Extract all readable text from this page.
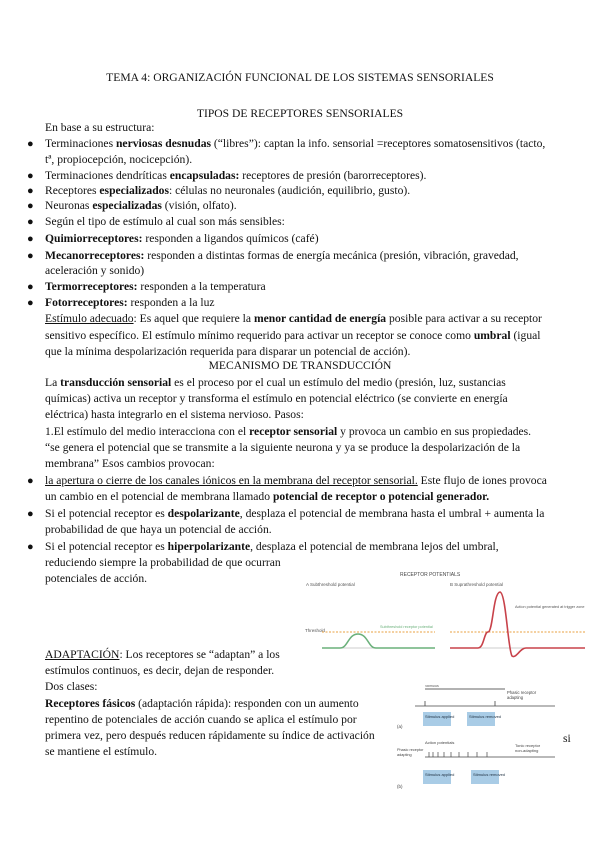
TEMA 4: ORGANIZACIÓN FUNCIONAL DE LOS SISTEMAS SENSORIALES
TIPOS DE RECEPTORES SENSORIALES
En base a su estructura:
● Terminaciones nerviosas desnudas (“libres”): captan la info. sensorial =receptores somatosensitivos (tacto,
tª, propiocepción, nocicepción).
● Terminaciones dendríticas encapsuladas: receptores de presión (barorreceptores).
● Receptores especializados: células no neuronales (audición, equilibrio, gusto).
● Neuronas especializadas (visión, olfato).
● Según el tipo de estímulo al cual son más sensibles:
● Quimiorreceptores: responden a ligandos químicos (café)
● Mecanorreceptores: responden a distintas formas de energía mecánica (presión, vibración, gravedad,
aceleración y sonido)
● Termorreceptores: responden a la temperatura
● Fotorreceptores: responden a la luz
Estímulo adecuado: Es aquel que requiere la menor cantidad de energía posible para activar a su receptor
sensitivo específico. El estímulo mínimo requerido para activar un receptor se conoce como umbral (igual
que la mínima despolarización requerida para disparar un potencial de acción).
MECANISMO DE TRANSDUCCIÓN
La transducción sensorial es el proceso por el cual un estímulo del medio (presión, luz, sustancias
químicas) activa un receptor y transforma el estímulo en potencial eléctrico (se convierte en energía
eléctrica) hasta integrarlo en el sistema nervioso. Pasos:
1.El estímulo del medio interacciona con el receptor sensorial y provoca un cambio en sus propiedades.
“se genera el potencial que se transmite a la siguiente neurona y ya se produce la despolarización de la
membrana” Esos cambios provocan:
● la apertura o cierre de los canales iónicos en la membrana del receptor sensorial. Este flujo de iones provoca
un cambio en el potencial de membrana llamado potencial de receptor o potencial generador.
● Si el potencial receptor es despolarizante, desplaza el potencial de membrana hasta el umbral + aumenta la
probabilidad de que haya un potencial de acción.
● Si el potencial receptor es hiperpolarizante, desplaza el potencial de membrana lejos del umbral,
reduciendo siempre la probabilidad de que ocurran
potenciales de acción.	RECEPTOR POTENTIALS
A Subthreshold potential	B Suprathreshold potential
Threshold
Subthreshold receptor potential
Action potential generated at trigger zone
ADAPTACIÓN: Los receptores se “adaptan” a los
estímulos continuos, es decir, dejan de responder.
Dos clases:
Receptores fásicos (adaptación rápida): responden con un aumento
repentino de potenciales de acción cuando se aplica el estímulo por
primera vez, pero después reducen rápidamente su índice de activación	si
se mantiene el estímulo.
Stimulus
Phasic receptor
adapting
Stimulus applied	Stimulus removed
(a)
Action potentials
Phasic receptor
adapting
Tonic receptor
non-adapting
Stimulus applied	Stimulus removed
(b)
